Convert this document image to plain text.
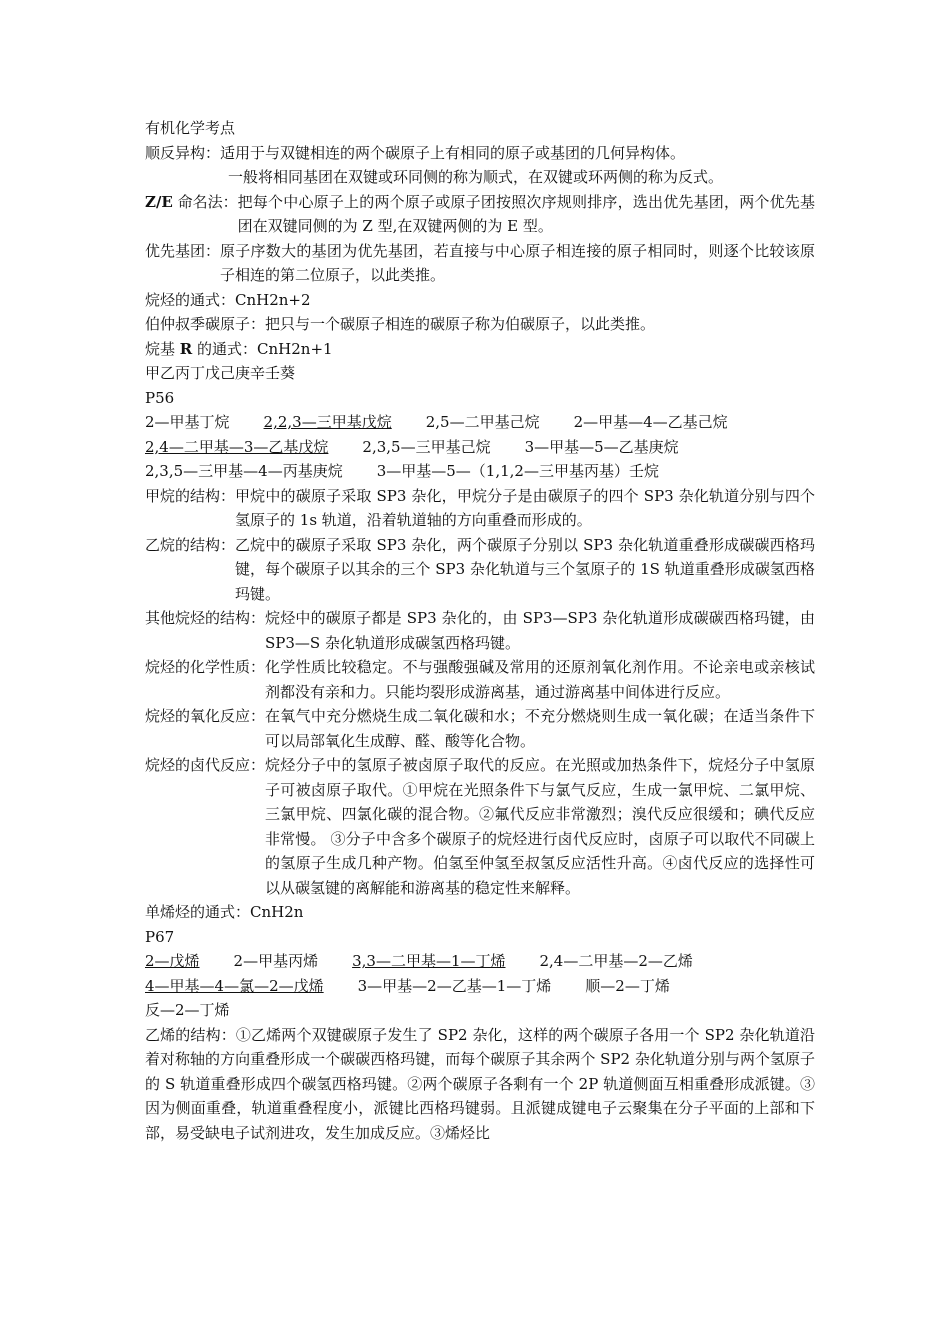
有机化学考点
顺反异构： 适用于与双键相连的两个碳原子上有相同的原子或基团的几何异构体。
一般将相同基团在双键或环同侧的称为顺式，在双键或环两侧的称为反式。
Z/E 命名法： 把每个中心原子上的两个原子或原子团按照次序规则排序，选出优先基团，两个优先基团在双键同侧的为 Z 型,在双键两侧的为 E 型。
优先基团： 原子序数大的基团为优先基团，若直接与中心原子相连接的原子相同时，则逐个比较该原子相连的第二位原子，以此类推。
烷烃的通式：CnH2n+2
伯仲叔季碳原子：把只与一个碳原子相连的碳原子称为伯碳原子，以此类推。
烷基 R 的通式：CnH2n+1
甲乙丙丁戊己庚辛壬葵
P56
2—甲基丁烷 2,2,3—三甲基戊烷 2,5—二甲基己烷 2—甲基—4—乙基己烷
2,4—二甲基—3—乙基戊烷 2,3,5—三甲基己烷 3—甲基—5—乙基庚烷
2,3,5—三甲基—4—丙基庚烷 3—甲基—5—（1,1,2—三甲基丙基）壬烷
甲烷的结构： 甲烷中的碳原子采取 SP3 杂化，甲烷分子是由碳原子的四个 SP3 杂化轨道分别与四个氢原子的 1s 轨道，沿着轨道轴的方向重叠而形成的。
乙烷的结构： 乙烷中的碳原子采取 SP3 杂化，两个碳原子分别以 SP3 杂化轨道重叠形成碳碳西格玛键，每个碳原子以其余的三个 SP3 杂化轨道与三个氢原子的 1S 轨道重叠形成碳氢西格玛键。
其他烷烃的结构： 烷烃中的碳原子都是 SP3 杂化的，由 SP3—SP3 杂化轨道形成碳碳西格玛键，由 SP3—S 杂化轨道形成碳氢西格玛键。
烷烃的化学性质： 化学性质比较稳定。不与强酸强碱及常用的还原剂氧化剂作用。不论亲电或亲核试剂都没有亲和力。只能均裂形成游离基，通过游离基中间体进行反应。
烷烃的氧化反应： 在氧气中充分燃烧生成二氧化碳和水；不充分燃烧则生成一氧化碳；在适当条件下可以局部氧化生成醇、醛、酸等化合物。
烷烃的卤代反应： 烷烃分子中的氢原子被卤原子取代的反应。在光照或加热条件下，烷烃分子中氢原子可被卤原子取代。①甲烷在光照条件下与氯气反应，生成一氯甲烷、二氯甲烷、三氯甲烷、四氯化碳的混合物。②氟代反应非常激烈；溴代反应很缓和；碘代反应非常慢。 ③分子中含多个碳原子的烷烃进行卤代反应时，卤原子可以取代不同碳上的氢原子生成几种产物。伯氢至仲氢至叔氢反应活性升高。④卤代反应的选择性可以从碳氢键的离解能和游离基的稳定性来解释。
单烯烃的通式：CnH2n
P67
2—戊烯 2—甲基丙烯 3,3—二甲基—1—丁烯 2,4—二甲基—2—乙烯
4—甲基—4—氯—2—戊烯 3—甲基—2—乙基—1—丁烯 顺—2—丁烯
反—2—丁烯
乙烯的结构：①乙烯两个双键碳原子发生了 SP2 杂化，这样的两个碳原子各用一个 SP2 杂化轨道沿着对称轴的方向重叠形成一个碳碳西格玛键，而每个碳原子其余两个 SP2 杂化轨道分别与两个氢原子的 S 轨道重叠形成四个碳氢西格玛键。②两个碳原子各剩有一个 2P 轨道侧面互相重叠形成派键。③因为侧面重叠，轨道重叠程度小，派键比西格玛键弱。且派键成键电子云聚集在分子平面的上部和下部，易受缺电子试剂进攻，发生加成反应。③烯烃比
